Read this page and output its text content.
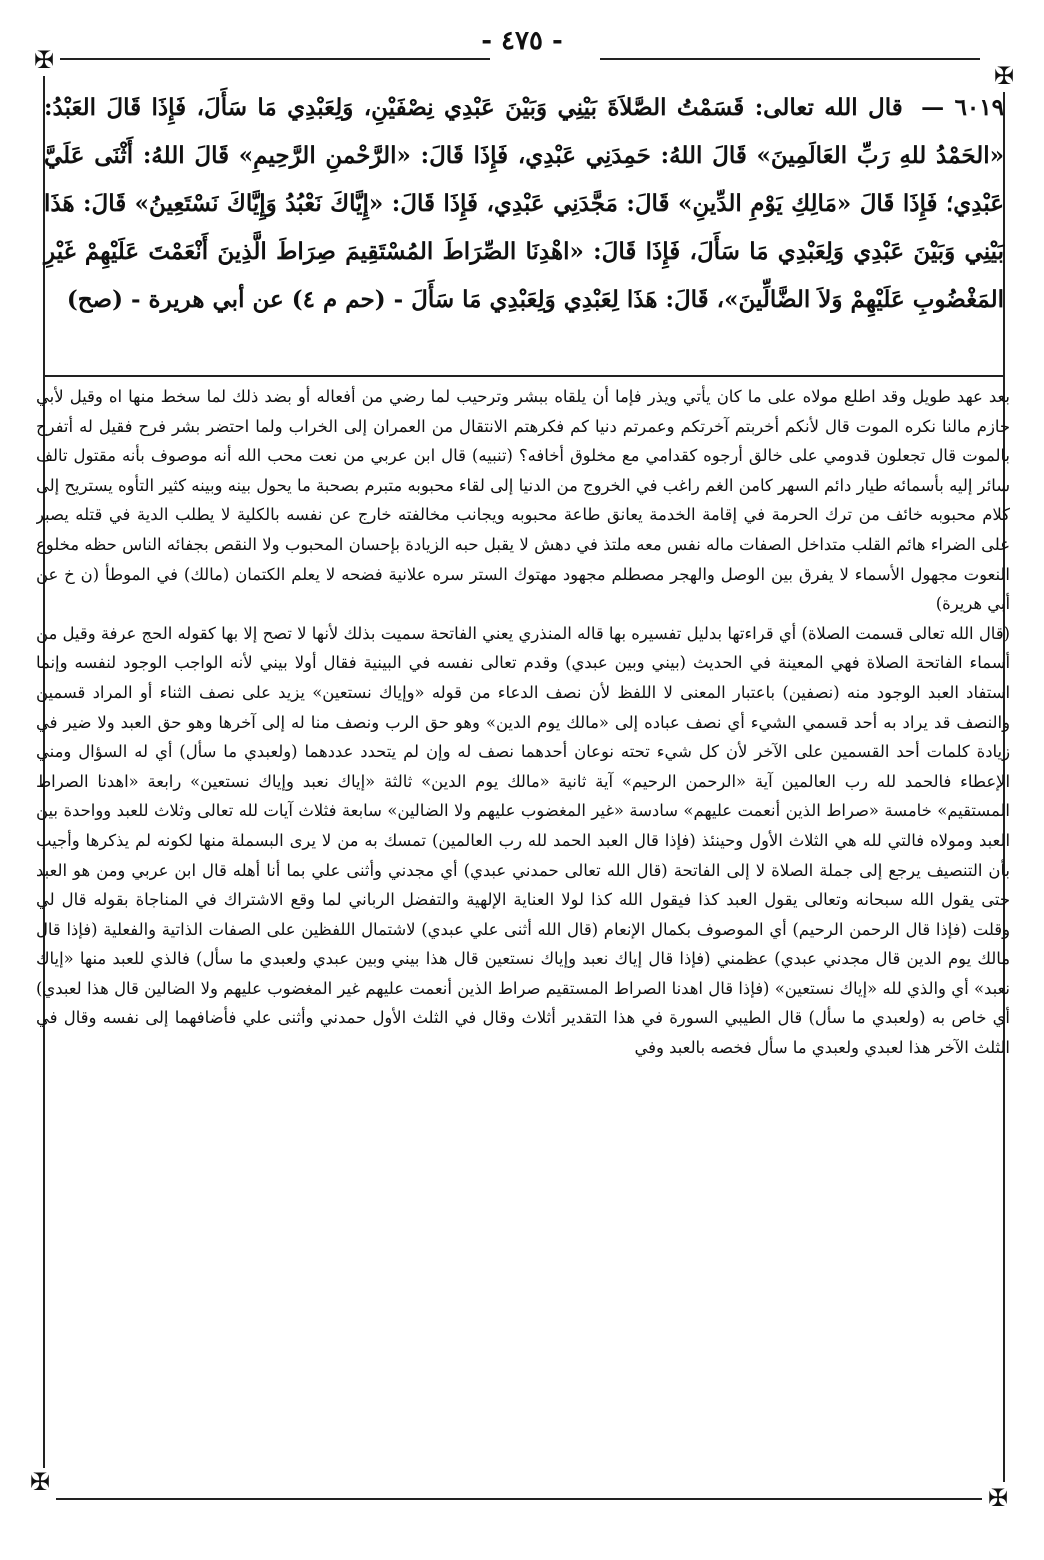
- ٤٧٥ -
✠
✠
✠
✠
٦٠١٩ — قال الله تعالى: قَسَمْتُ الصَّلاَةَ بَيْنِي وَبَيْنَ عَبْدِي نِصْفَيْنِ، وَلِعَبْدِي مَا سَأَلَ، فَإِذَا قَالَ العَبْدُ: «الحَمْدُ للهِ رَبِّ العَالَمِينَ» قَالَ اللهُ: حَمِدَنِي عَبْدِي، فَإِذَا قَالَ: «الرَّحْمنِ الرَّحِيمِ» قَالَ اللهُ: أَثْنَى عَلَيَّ عَبْدِي؛ فَإِذَا قَالَ «مَالِكِ يَوْمِ الدِّينِ» قَالَ: مَجَّدَنِي عَبْدِي، فَإِذَا قَالَ: «إِيَّاكَ نَعْبُدُ وَإِيَّاكَ نَسْتَعِينُ» قَالَ: هَذَا بَيْنِي وَبَيْنَ عَبْدِي وَلِعَبْدِي مَا سَأَلَ، فَإِذَا قَالَ: «اهْدِنَا الصِّرَاطَ المُسْتَقِيمَ صِرَاطَ الَّذِينَ أَنْعَمْتَ عَلَيْهِمْ غَيْرِ المَغْضُوبِ عَلَيْهِمْ وَلاَ الضَّالِّينَ»، قَالَ: هَذَا لِعَبْدِي وَلِعَبْدِي مَا سَأَلَ - (حم م ٤) عن أبي هريرة - (صح)

بعد عهد طويل وقد اطلع مولاه على ما كان يأتي ويذر فإما أن يلقاه ببشر وترحيب لما رضي من أفعاله أو بضد ذلك لما سخط منها اه وقيل لأبي حازم مالنا نكره الموت قال لأنكم أخربتم آخرتكم وعمرتم دنيا كم فكرهتم الانتقال من العمران إلى الخراب ولما احتضر بشر فرح فقيل له أتفرح بالموت قال تجعلون قدومي على خالق أرجوه كقدامي مع مخلوق أخافه؟ (تنبيه) قال ابن عربي من نعت محب الله أنه موصوف بأنه مقتول تالف سائر إليه بأسمائه طيار دائم السهر كامن الغم راغب في الخروج من الدنيا إلى لقاء محبوبه متبرم بصحبة ما يحول بينه وبينه كثير التأوه يستريح إلى كلام محبوبه خائف من ترك الحرمة في إقامة الخدمة يعانق طاعة محبوبه ويجانب مخالفته خارج عن نفسه بالكلية لا يطلب الدية في قتله يصبر على الضراء هائم القلب متداخل الصفات ماله نفس معه ملتذ في دهش لا يقبل حبه الزيادة بإحسان المحبوب ولا النقص بجفائه الناس حظه مخلوع النعوت مجهول الأسماء لا يفرق بين الوصل والهجر مصطلم مجهود مهتوك الستر سره علانية فضحه لا يعلم الكتمان (مالك) في الموطأ (ن خ عن أبي هريرة)

(قال الله تعالى قسمت الصلاة) أي قراءتها بدليل تفسيره بها قاله المنذري يعني الفاتحة سميت بذلك لأنها لا تصح إلا بها كقوله الحج عرفة وقيل من أسماء الفاتحة الصلاة فهي المعينة في الحديث (بيني وبين عبدي) وقدم تعالى نفسه في البينية فقال أولا بيني لأنه الواجب الوجود لنفسه وإنما استفاد العبد الوجود منه (نصفين) باعتبار المعنى لا اللفظ لأن نصف الدعاء من قوله «وإياك نستعين» يزيد على نصف الثناء أو المراد قسمين والنصف قد يراد به أحد قسمي الشيء أي نصف عباده إلى «مالك يوم الدين» وهو حق الرب ونصف منا له إلى آخرها وهو حق العبد ولا ضير في زيادة كلمات أحد القسمين على الآخر لأن كل شيء تحته نوعان أحدهما نصف له وإن لم يتحدد عددهما (ولعبدي ما سأل) أي له السؤال ومني الإعطاء فالحمد لله رب العالمين آية «الرحمن الرحيم» آية ثانية «مالك يوم الدين» ثالثة «إياك نعبد وإياك نستعين» رابعة «اهدنا الصراط المستقيم» خامسة «صراط الذين أنعمت عليهم» سادسة «غير المغضوب عليهم ولا الضالين» سابعة فثلاث آيات لله تعالى وثلاث للعبد وواحدة بين العبد ومولاه فالتي لله هي الثلاث الأول وحينئذ (فإذا قال العبد الحمد لله رب العالمين) تمسك به من لا يرى البسملة منها لكونه لم يذكرها وأجيب بأن التنصيف يرجع إلى جملة الصلاة لا إلى الفاتحة (قال الله تعالى حمدني عبدي) أي مجدني وأثنى علي بما أنا أهله قال ابن عربي ومن هو العبد حتى يقول الله سبحانه وتعالى يقول العبد كذا فيقول الله كذا لولا العناية الإلهية والتفضل الرباني لما وقع الاشتراك في المناجاة بقوله قال لي وقلت (فإذا قال الرحمن الرحيم) أي الموصوف بكمال الإنعام (قال الله أثنى علي عبدي) لاشتمال اللفظين على الصفات الذاتية والفعلية (فإذا قال مالك يوم الدين قال مجدني عبدي) عظمني (فإذا قال إياك نعبد وإياك نستعين قال هذا بيني وبين عبدي ولعبدي ما سأل) فالذي للعبد منها «إياك نعبد» أي والذي لله «إياك نستعين» (فإذا قال اهدنا الصراط المستقيم صراط الذين أنعمت عليهم غير المغضوب عليهم ولا الضالين قال هذا لعبدي) أي خاص به (ولعبدي ما سأل) قال الطيبي السورة في هذا التقدير أثلاث وقال في الثلث الأول حمدني وأثنى علي فأضافهما إلى نفسه وقال في الثلث الآخر هذا لعبدي ولعبدي ما سأل فخصه بالعبد وفي
